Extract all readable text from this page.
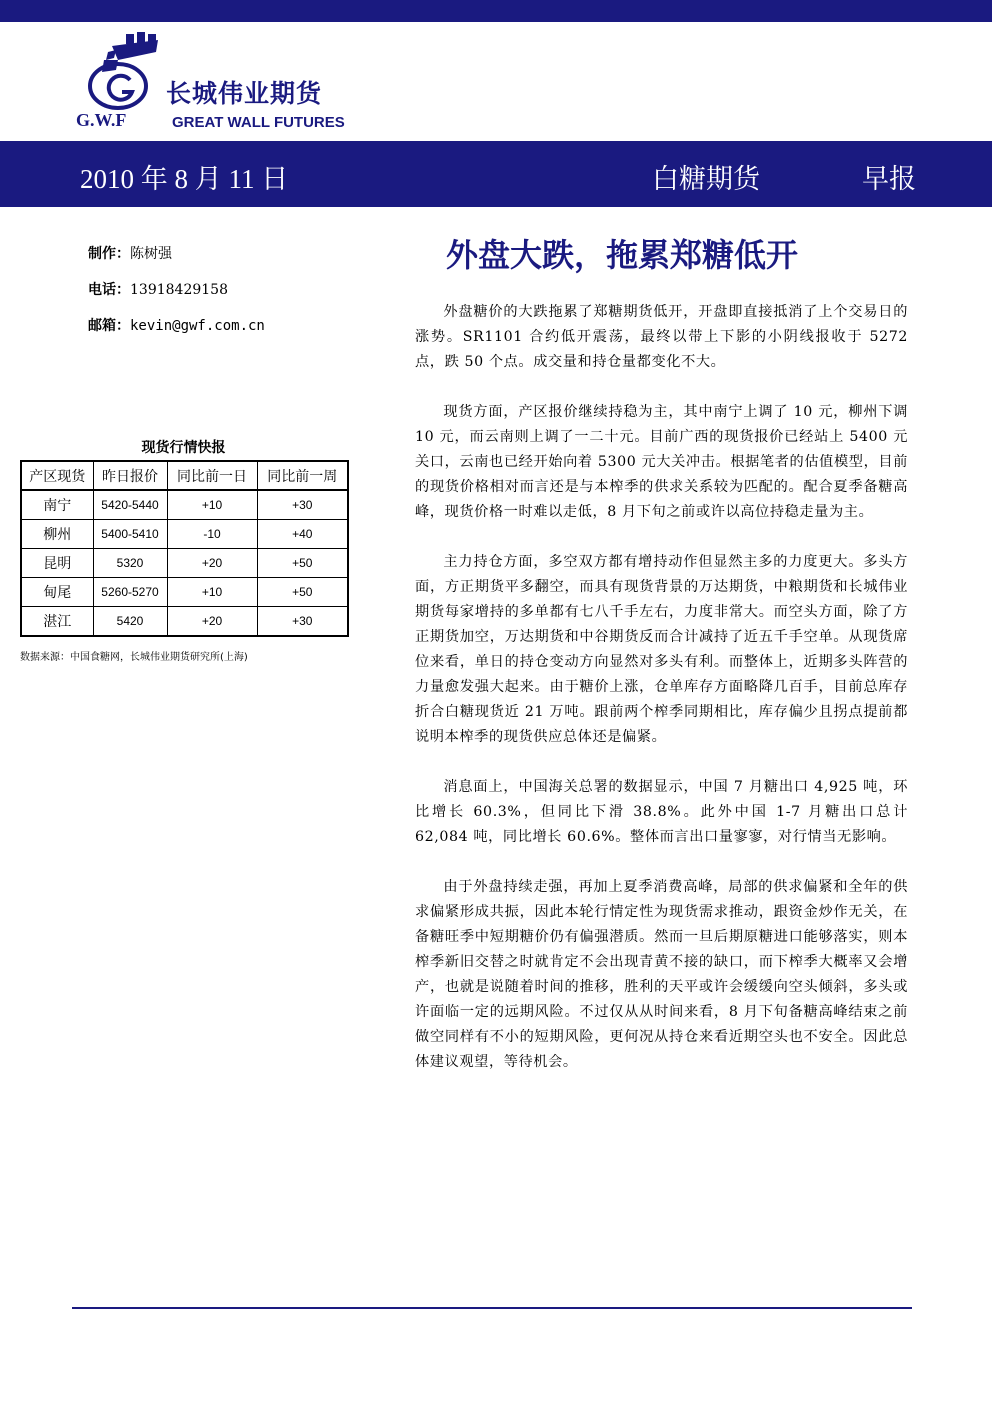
长城伟业期货
G.W.F	GREAT WALL FUTURES
2010 年 8 月 11 日	白糖期货	早报
制作：陈树强
电话：13918429158
邮箱：kevin@gwf.com.cn
外盘大跌，拖累郑糖低开
现货行情快报
产区现货	昨日报价	同比前一日	同比前一周
南宁	5420-5440	+10	+30
柳州	5400-5410	-10	+40
昆明	5320	+20	+50
甸尾	5260-5270	+10	+50
湛江	5420	+20	+30
数据来源：中国食糖网，长城伟业期货研究所(上海)

外盘糖价的大跌拖累了郑糖期货低开，开盘即直接抵消了上个交易日的涨势。SR1101 合约低开震荡，最终以带上下影的小阴线报收于 5272 点，跌 50 个点。成交量和持仓量都变化不大。

现货方面，产区报价继续持稳为主，其中南宁上调了 10 元，柳州下调 10 元，而云南则上调了一二十元。目前广西的现货报价已经站上 5400 元关口，云南也已经开始向着 5300 元大关冲击。根据笔者的估值模型，目前的现货价格相对而言还是与本榨季的供求关系较为匹配的。配合夏季备糖高峰，现货价格一时难以走低，8 月下旬之前或许以高位持稳走量为主。

主力持仓方面，多空双方都有增持动作但显然主多的力度更大。多头方面，方正期货平多翻空，而具有现货背景的万达期货，中粮期货和长城伟业期货每家增持的多单都有七八千手左右，力度非常大。而空头方面，除了方正期货加空，万达期货和中谷期货反而合计减持了近五千手空单。从现货席位来看，单日的持仓变动方向显然对多头有利。而整体上，近期多头阵营的力量愈发强大起来。由于糖价上涨，仓单库存方面略降几百手，目前总库存折合白糖现货近 21 万吨。跟前两个榨季同期相比，库存偏少且拐点提前都说明本榨季的现货供应总体还是偏紧。

消息面上，中国海关总署的数据显示，中国 7 月糖出口 4,925 吨，环比增长 60.3%，但同比下滑 38.8%。此外中国 1-7 月糖出口总计 62,084 吨，同比增长 60.6%。整体而言出口量寥寥，对行情当无影响。

由于外盘持续走强，再加上夏季消费高峰，局部的供求偏紧和全年的供求偏紧形成共振，因此本轮行情定性为现货需求推动，跟资金炒作无关，在备糖旺季中短期糖价仍有偏强潜质。然而一旦后期原糖进口能够落实，则本榨季新旧交替之时就肯定不会出现青黄不接的缺口，而下榨季大概率又会增产，也就是说随着时间的推移，胜利的天平或许会缓缓向空头倾斜，多头或许面临一定的远期风险。不过仅从从时间来看，8 月下旬备糖高峰结束之前做空同样有不小的短期风险，更何况从持仓来看近期空头也不安全。因此总体建议观望，等待机会。
